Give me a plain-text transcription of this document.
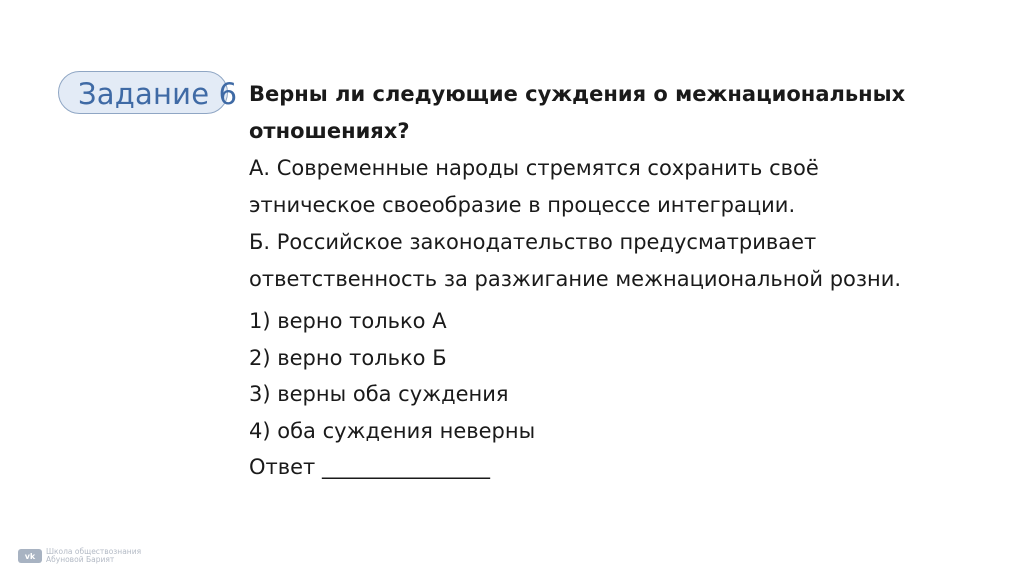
Задание 6 Верны ли следующие суждения о межнациональных
отношениях?
А. Современные народы стремятся сохранить своё
этническое своеобразие в процессе интеграции.
Б. Российское законодательство предусматривает
ответственность за разжигание межнациональной розни.
1) верно только А
2) верно только Б
3) верны оба суждения
4) оба суждения неверны
Ответ ________________
vk	Школа обществознания
Абуновой Барият
